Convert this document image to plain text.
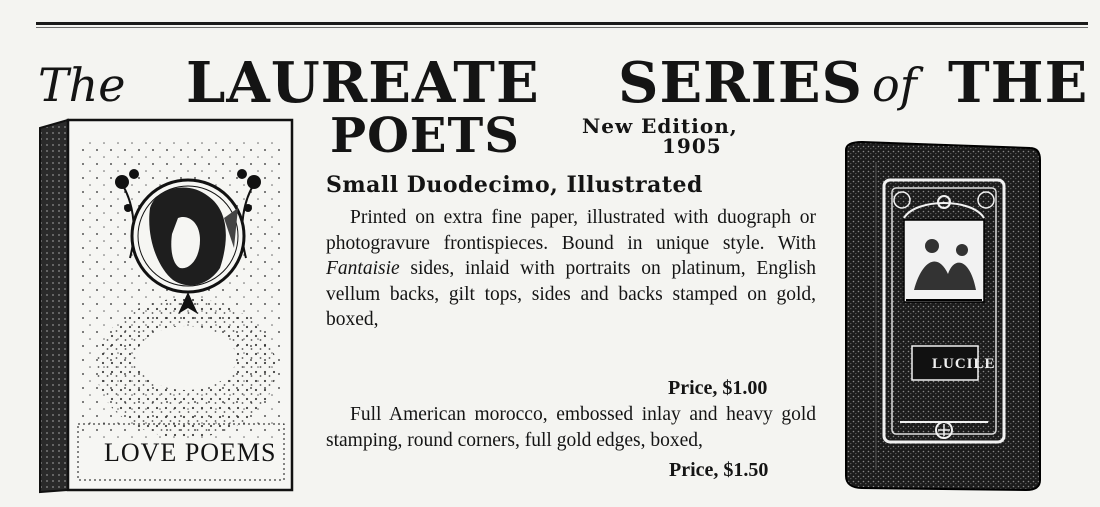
The LAUREATE SERIES of THE
POETS	New Edition,
1905
Small Duodecimo, Illustrated
Printed on extra fine paper, illustrated with duograph or photogravure frontispieces. Bound in unique style. With Fantaisie sides, inlaid with portraits on platinum, English vellum backs, gilt tops, sides and backs stamped on gold, boxed,
Price, $1.00
Full American morocco, embossed inlay and heavy gold stamping, round corners, full gold edges, boxed,
Price, $1.50
LOVE POEMS
LUCILE
